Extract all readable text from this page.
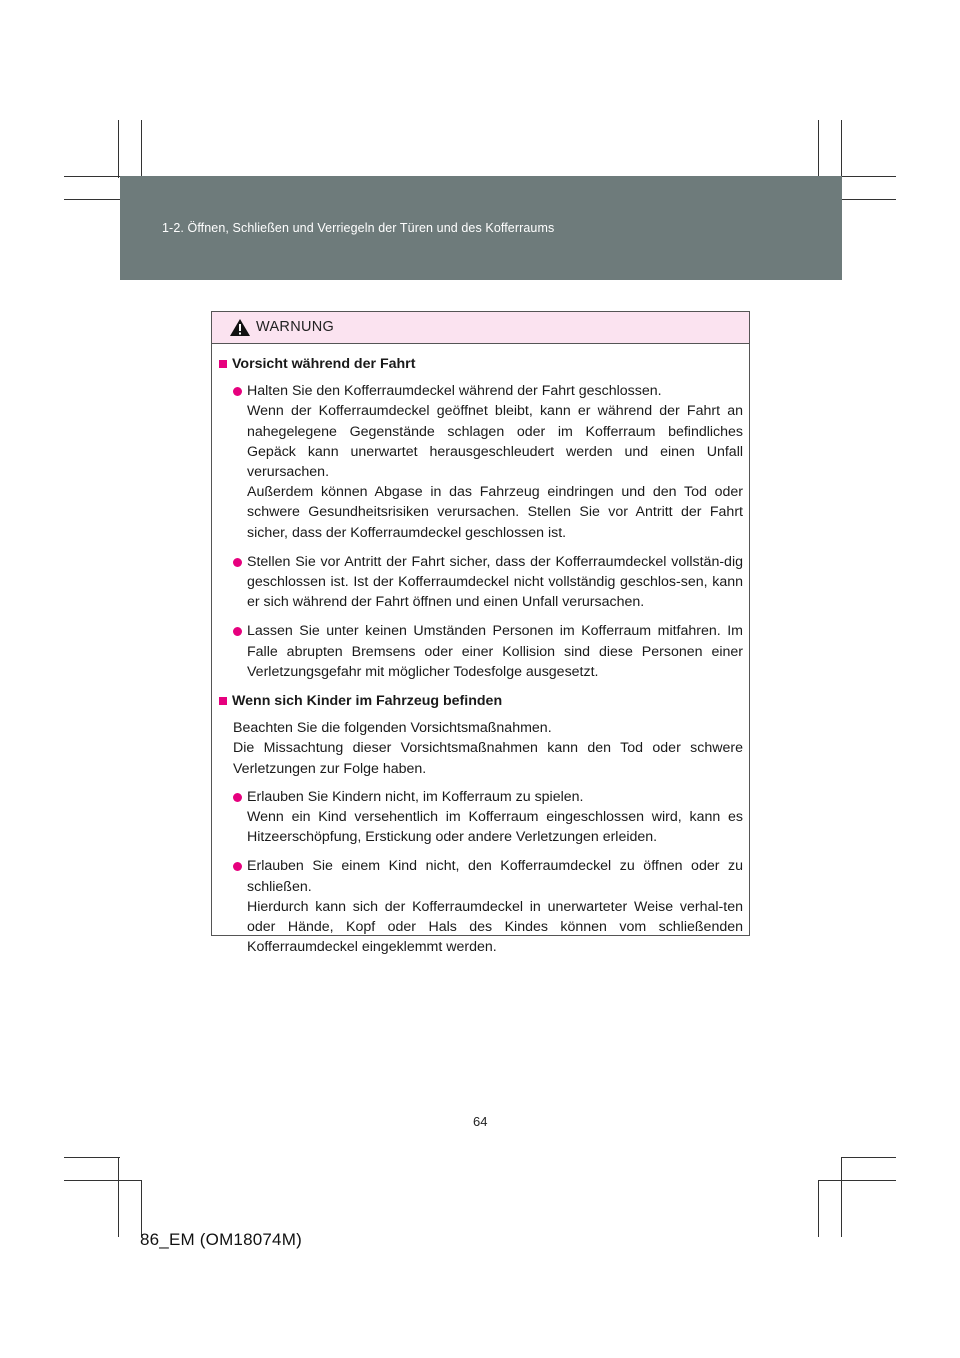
1-2. Öffnen, Schließen und Verriegeln der Türen und des Kofferraums
WARNUNG
Vorsicht während der Fahrt
Halten Sie den Kofferraumdeckel während der Fahrt geschlossen.
Wenn der Kofferraumdeckel geöffnet bleibt, kann er während der Fahrt an nahegelegene Gegenstände schlagen oder im Kofferraum befindliches Gepäck kann unerwartet herausgeschleudert werden und einen Unfall verursachen.
Außerdem können Abgase in das Fahrzeug eindringen und den Tod oder schwere Gesundheitsrisiken verursachen. Stellen Sie vor Antritt der Fahrt sicher, dass der Kofferraumdeckel geschlossen ist.
Stellen Sie vor Antritt der Fahrt sicher, dass der Kofferraumdeckel vollstän-dig geschlossen ist. Ist der Kofferraumdeckel nicht vollständig geschlos-sen, kann er sich während der Fahrt öffnen und einen Unfall verursachen.
Lassen Sie unter keinen Umständen Personen im Kofferraum mitfahren. Im Falle abrupten Bremsens oder einer Kollision sind diese Personen einer Verletzungsgefahr mit möglicher Todesfolge ausgesetzt.
Wenn sich Kinder im Fahrzeug befinden
Beachten Sie die folgenden Vorsichtsmaßnahmen.
Die Missachtung dieser Vorsichtsmaßnahmen kann den Tod oder schwere Verletzungen zur Folge haben.
Erlauben Sie Kindern nicht, im Kofferraum zu spielen.
Wenn ein Kind versehentlich im Kofferraum eingeschlossen wird, kann es Hitzeerschöpfung, Erstickung oder andere Verletzungen erleiden.
Erlauben Sie einem Kind nicht, den Kofferraumdeckel zu öffnen oder zu schließen.
Hierdurch kann sich der Kofferraumdeckel in unerwarteter Weise verhal-ten oder Hände, Kopf oder Hals des Kindes können vom schließenden Kofferraumdeckel eingeklemmt werden.
64
86_EM (OM18074M)
